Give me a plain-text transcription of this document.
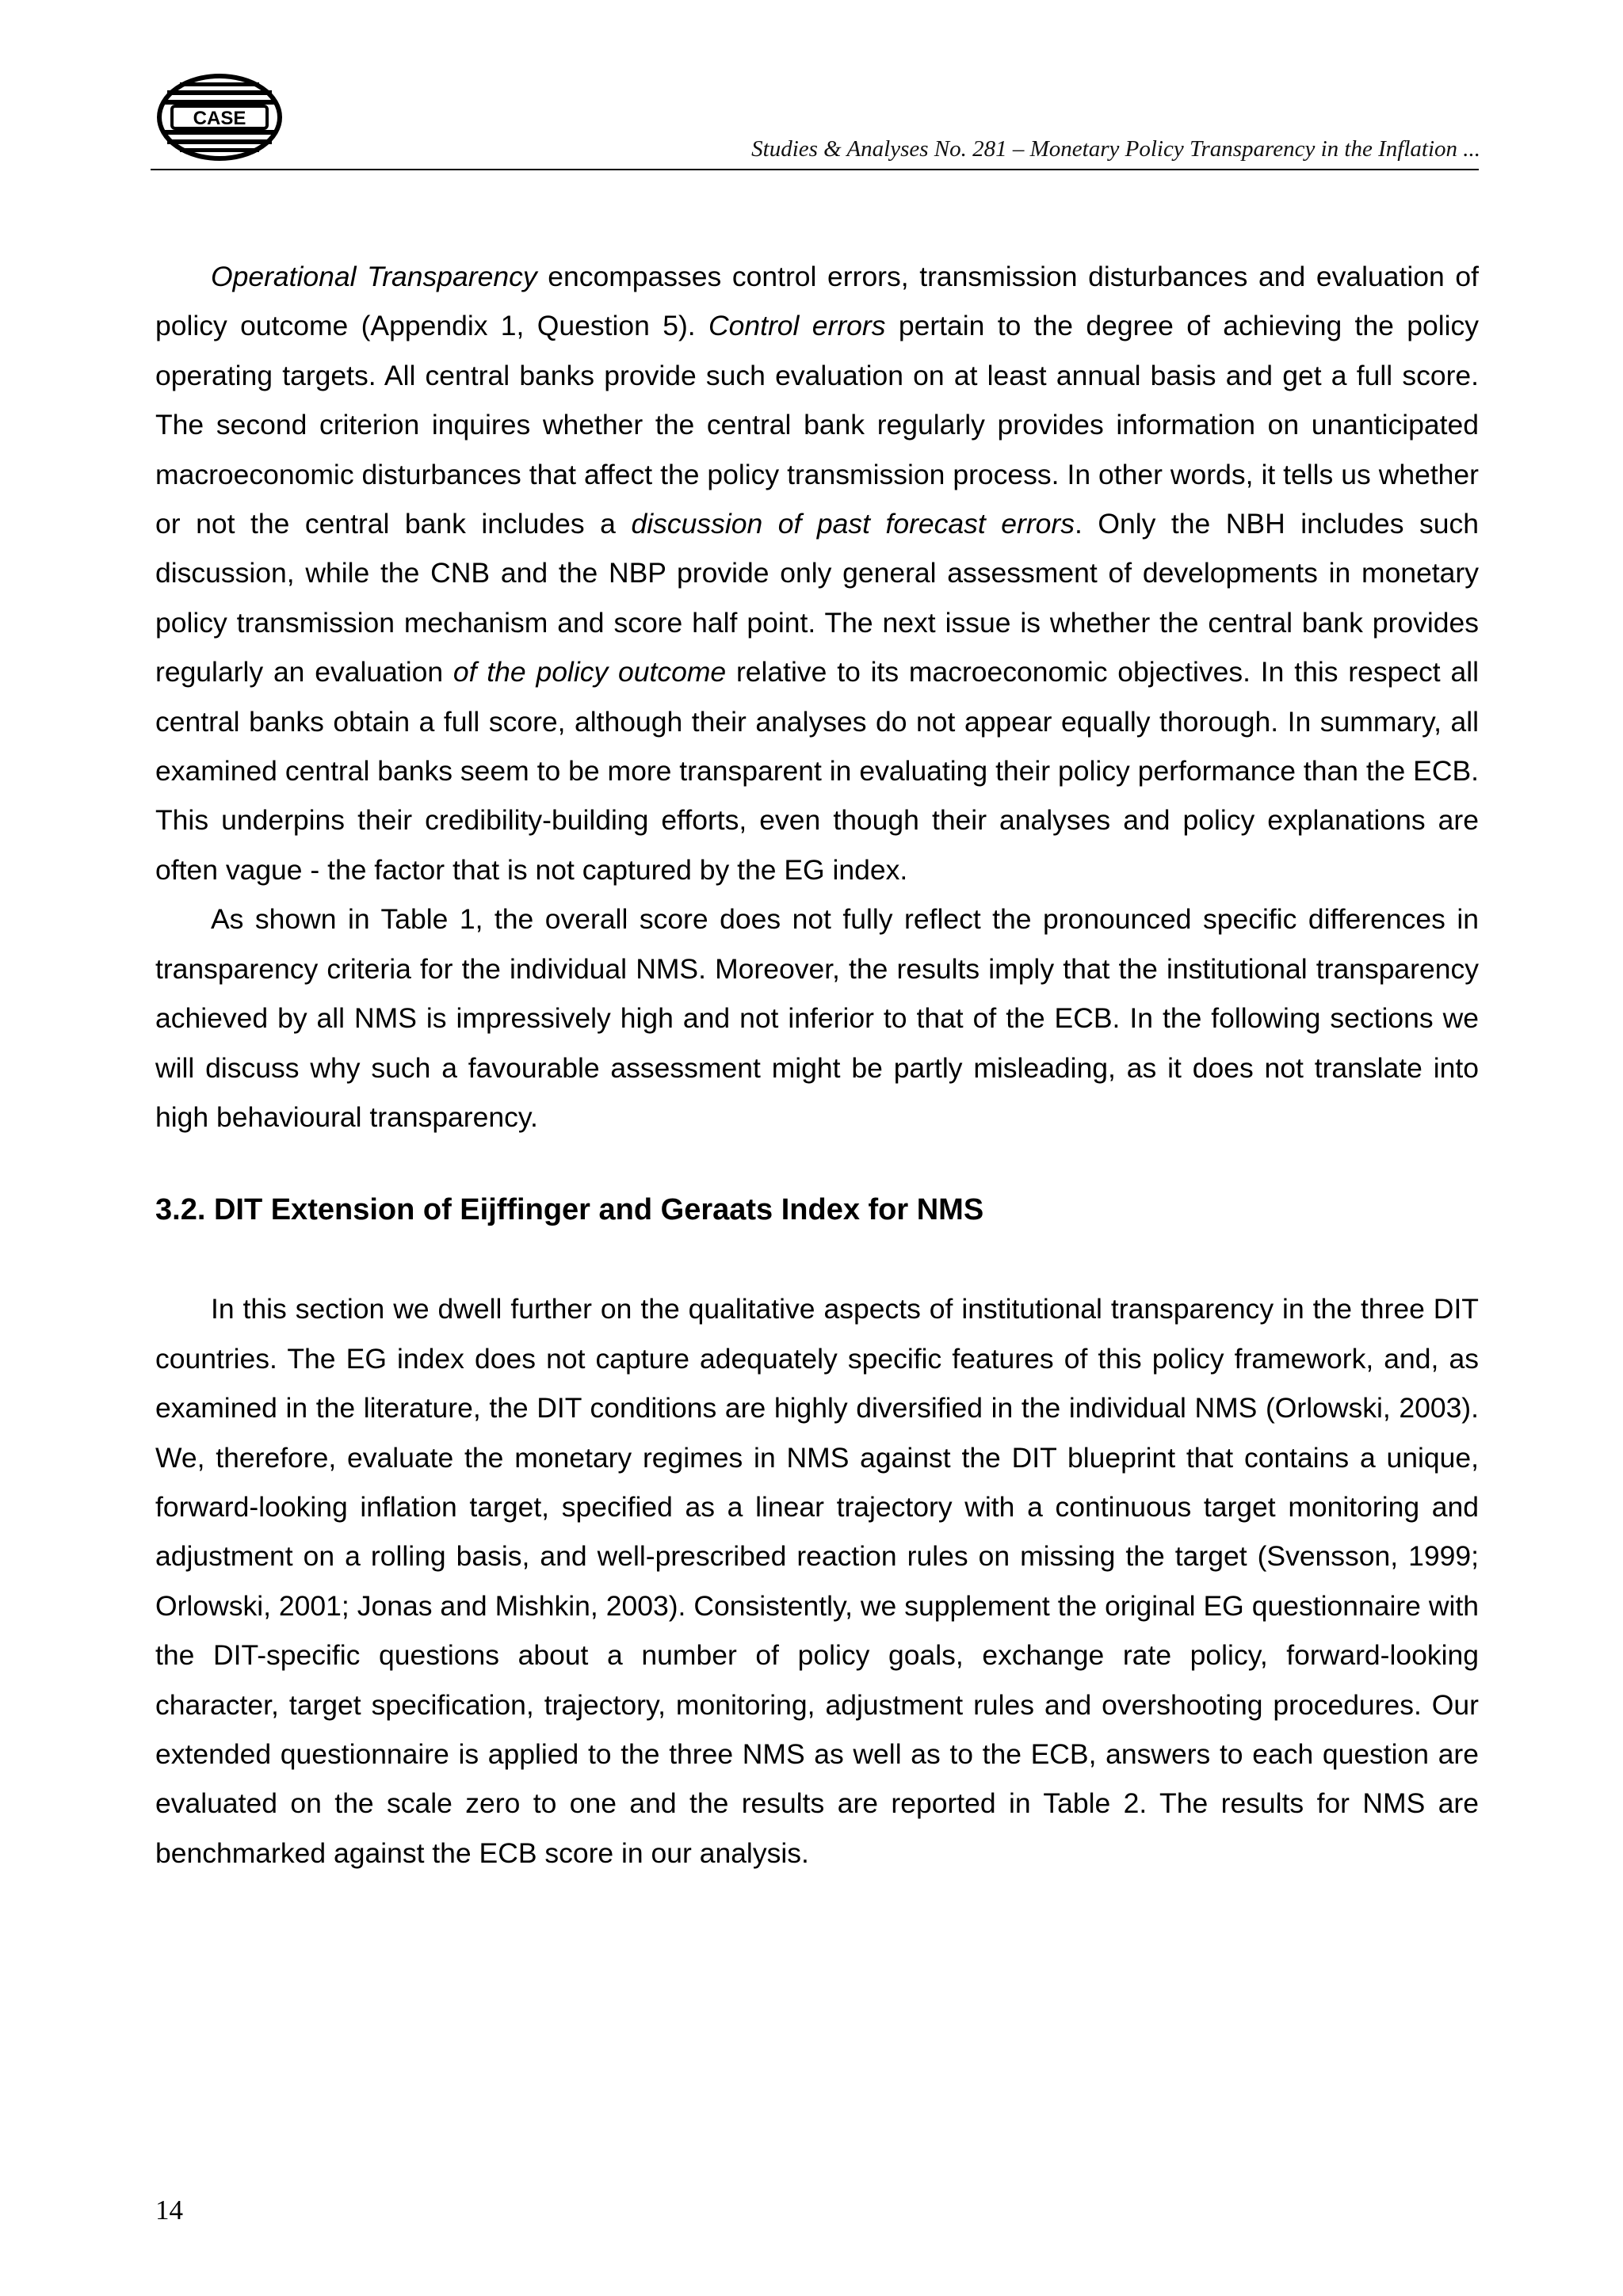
CASE
Studies & Analyses No. 281 – Monetary Policy Transparency in the Inflation ...

Operational Transparency encompasses control errors, transmission disturbances and evaluation of policy outcome (Appendix 1, Question 5). Control errors pertain to the degree of achieving the policy operating targets. All central banks provide such evaluation on at least annual basis and get a full score. The second criterion inquires whether the central bank regularly provides information on unanticipated macroeconomic disturbances that affect the policy transmission process. In other words, it tells us whether or not the central bank includes a discussion of past forecast errors. Only the NBH includes such discussion, while the CNB and the NBP provide only general assessment of developments in monetary policy transmission mechanism and score half point. The next issue is whether the central bank provides regularly an evaluation of the policy outcome relative to its macroeconomic objectives. In this respect all central banks obtain a full score, although their analyses do not appear equally thorough. In summary, all examined central banks seem to be more transparent in evaluating their policy performance than the ECB. This underpins their credibility-building efforts, even though their analyses and policy explanations are often vague - the factor that is not captured by the EG index.

As shown in Table 1, the overall score does not fully reflect the pronounced specific differences in transparency criteria for the individual NMS. Moreover, the results imply that the institutional transparency achieved by all NMS is impressively high and not inferior to that of the ECB. In the following sections we will discuss why such a favourable assessment might be partly misleading, as it does not translate into high behavioural transparency.

3.2. DIT Extension of Eijffinger and Geraats Index for NMS

In this section we dwell further on the qualitative aspects of institutional transparency in the three DIT countries. The EG index does not capture adequately specific features of this policy framework, and, as examined in the literature, the DIT conditions are highly diversified in the individual NMS (Orlowski, 2003). We, therefore, evaluate the monetary regimes in NMS against the DIT blueprint that contains a unique, forward-looking inflation target, specified as a linear trajectory with a continuous target monitoring and adjustment on a rolling basis, and well-prescribed reaction rules on missing the target (Svensson, 1999; Orlowski, 2001; Jonas and Mishkin, 2003). Consistently, we supplement the original EG questionnaire with the DIT-specific questions about a number of policy goals, exchange rate policy, forward-looking character, target specification, trajectory, monitoring, adjustment rules and overshooting procedures. Our extended questionnaire is applied to the three NMS as well as to the ECB, answers to each question are evaluated on the scale zero to one and the results are reported in Table 2. The results for NMS are benchmarked against the ECB score in our analysis.

14
